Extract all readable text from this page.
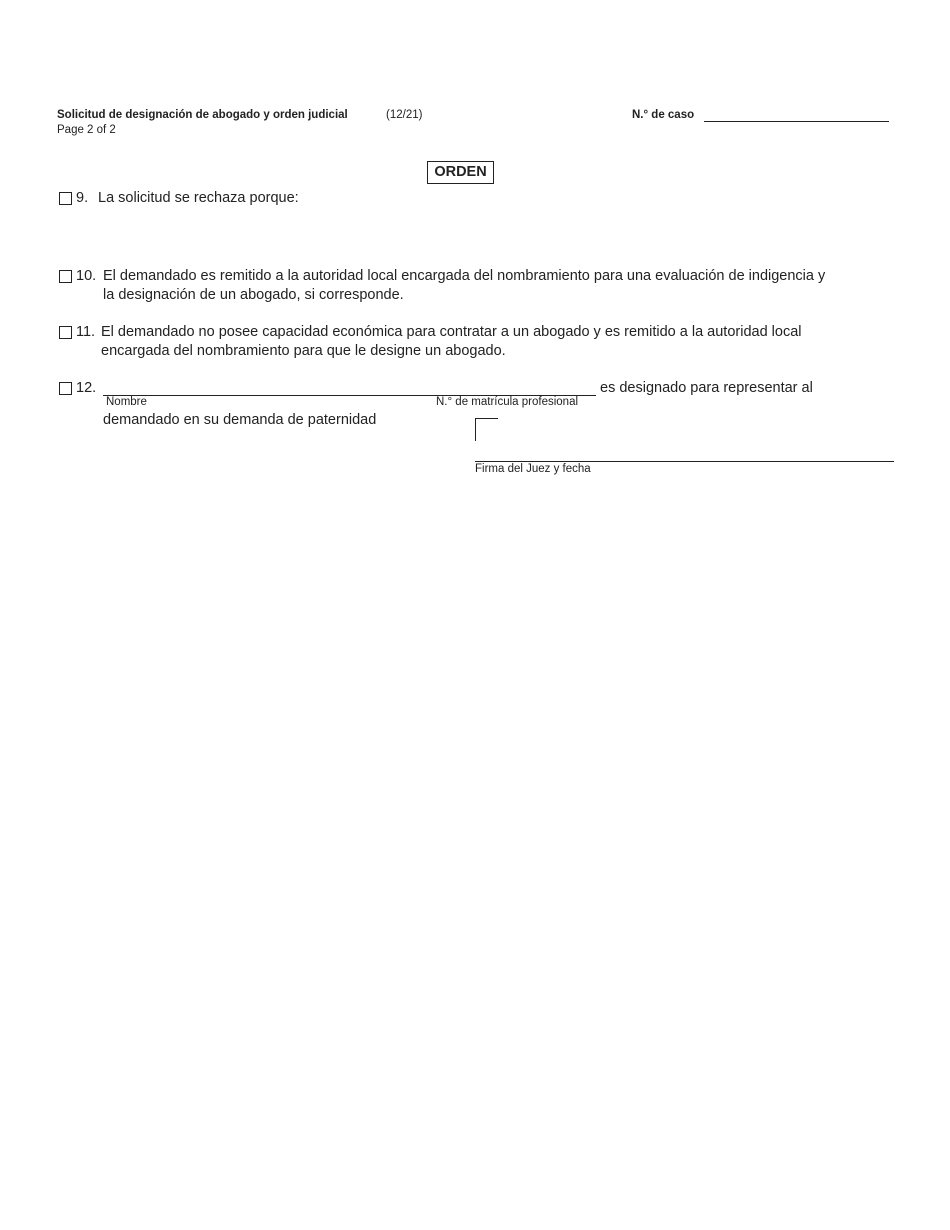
Solicitud de designación de abogado y orden judicial	(12/21)
Page 2 of 2
N.° de caso
ORDEN
9. La solicitud se rechaza porque:
10. El demandado es remitido a la autoridad local encargada del nombramiento para una evaluación de indigencia y
la designación de un abogado, si corresponde.
11. El demandado no posee capacidad económica para contratar a un abogado y es remitido a la autoridad local
encargada del nombramiento para que le designe un abogado.
12.
Nombre	N.° de matrícula profesional
es designado para representar al
demandado en su demanda de paternidad
Firma del Juez y fecha
